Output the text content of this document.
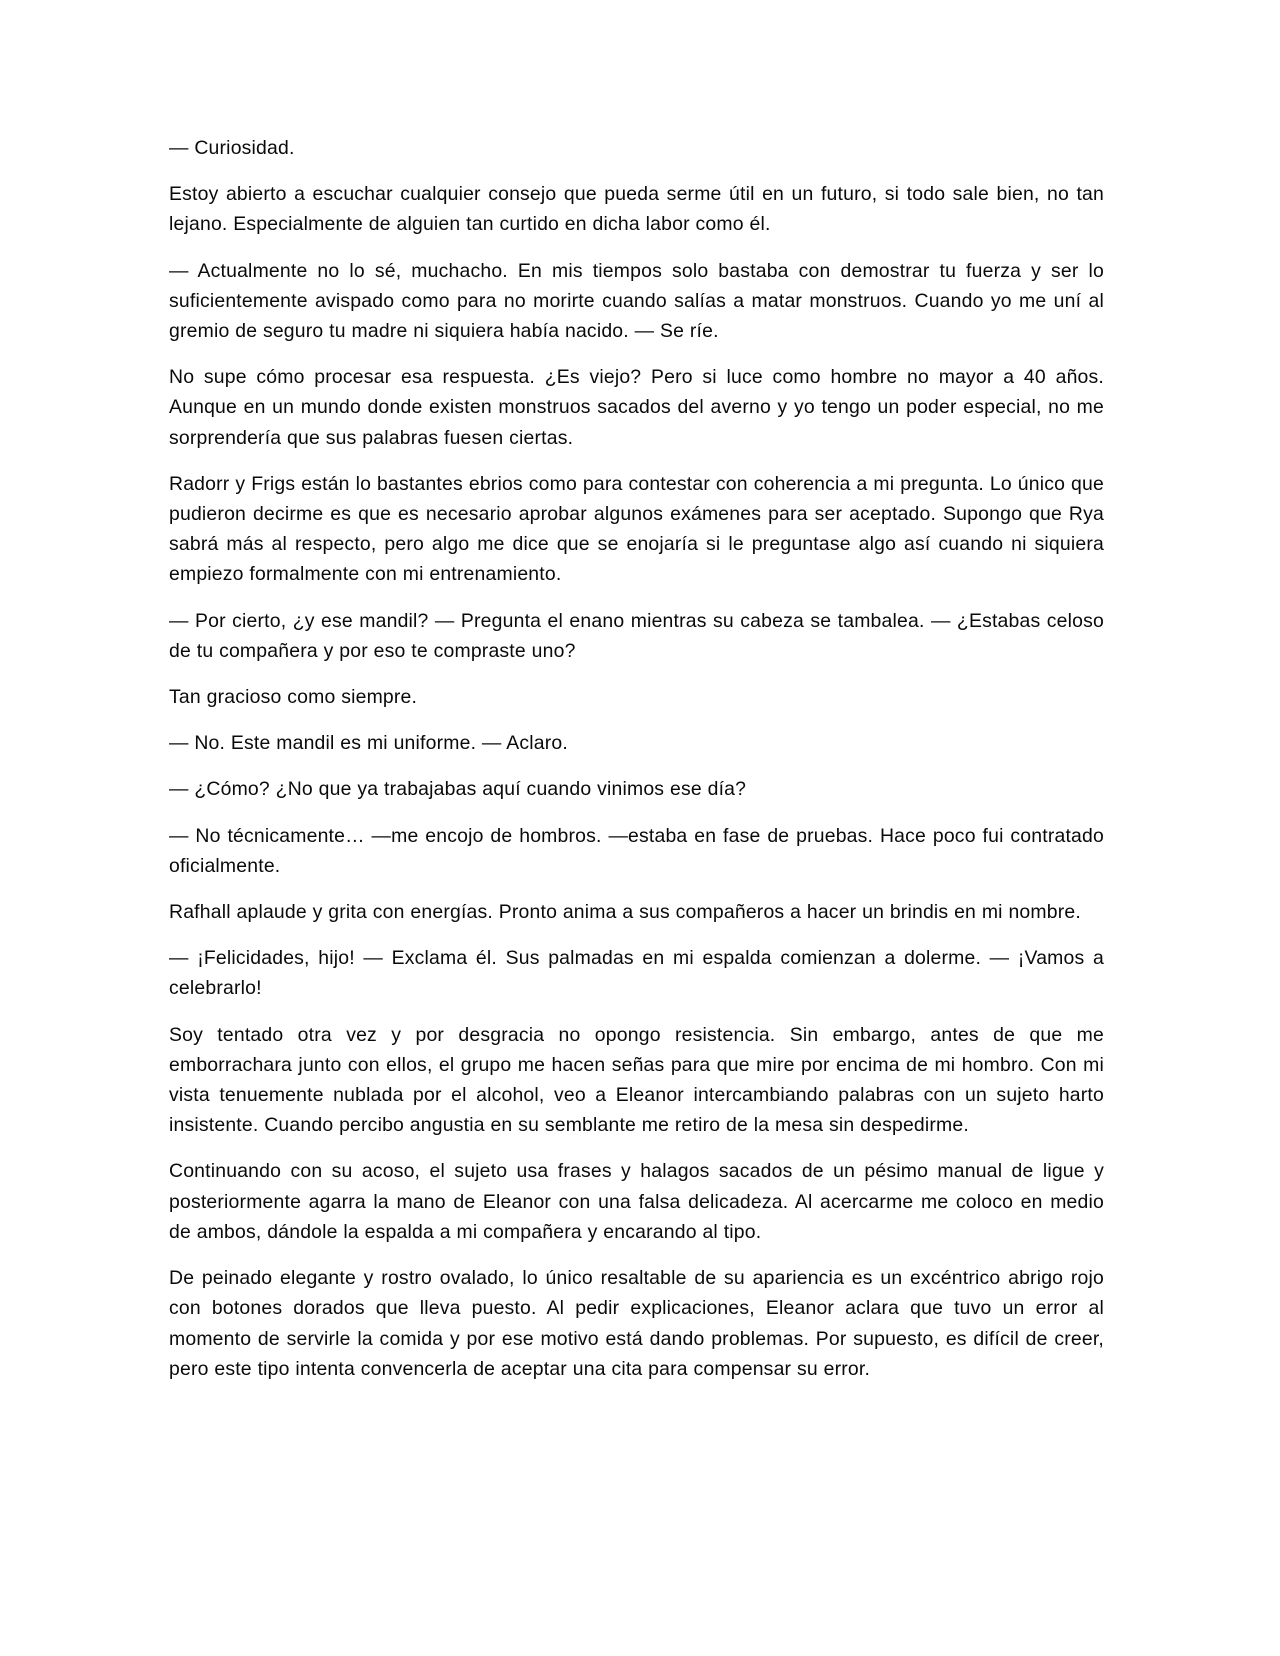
— Curiosidad.

Estoy abierto a escuchar cualquier consejo que pueda serme útil en un futuro, si todo sale bien, no tan lejano. Especialmente de alguien tan curtido en dicha labor como él.

— Actualmente no lo sé, muchacho. En mis tiempos solo bastaba con demostrar tu fuerza y ser lo suficientemente avispado como para no morirte cuando salías a matar monstruos. Cuando yo me uní al gremio de seguro tu madre ni siquiera había nacido. — Se ríe.

No supe cómo procesar esa respuesta. ¿Es viejo? Pero si luce como hombre no mayor a 40 años. Aunque en un mundo donde existen monstruos sacados del averno y yo tengo un poder especial, no me sorprendería que sus palabras fuesen ciertas.

Radorr y Frigs están lo bastantes ebrios como para contestar con coherencia a mi pregunta. Lo único que pudieron decirme es que es necesario aprobar algunos exámenes para ser aceptado. Supongo que Rya sabrá más al respecto, pero algo me dice que se enojaría si le preguntase algo así cuando ni siquiera empiezo formalmente con mi entrenamiento.

— Por cierto, ¿y ese mandil? — Pregunta el enano mientras su cabeza se tambalea. — ¿Estabas celoso de tu compañera y por eso te compraste uno?

Tan gracioso como siempre.

— No. Este mandil es mi uniforme. — Aclaro.

— ¿Cómo? ¿No que ya trabajabas aquí cuando vinimos ese día?

— No técnicamente… —me encojo de hombros. —estaba en fase de pruebas. Hace poco fui contratado oficialmente.

Rafhall aplaude y grita con energías. Pronto anima a sus compañeros a hacer un brindis en mi nombre.

— ¡Felicidades, hijo! — Exclama él. Sus palmadas en mi espalda comienzan a dolerme. — ¡Vamos a celebrarlo!

Soy tentado otra vez y por desgracia no opongo resistencia. Sin embargo, antes de que me emborrachara junto con ellos, el grupo me hacen señas para que mire por encima de mi hombro. Con mi vista tenuemente nublada por el alcohol, veo a Eleanor intercambiando palabras con un sujeto harto insistente. Cuando percibo angustia en su semblante me retiro de la mesa sin despedirme.

Continuando con su acoso, el sujeto usa frases y halagos sacados de un pésimo manual de ligue y posteriormente agarra la mano de Eleanor con una falsa delicadeza. Al acercarme me coloco en medio de ambos, dándole la espalda a mi compañera y encarando al tipo.

De peinado elegante y rostro ovalado, lo único resaltable de su apariencia es un excéntrico abrigo rojo con botones dorados que lleva puesto. Al pedir explicaciones, Eleanor aclara que tuvo un error al momento de servirle la comida y por ese motivo está dando problemas. Por supuesto, es difícil de creer, pero este tipo intenta convencerla de aceptar una cita para compensar su error.
